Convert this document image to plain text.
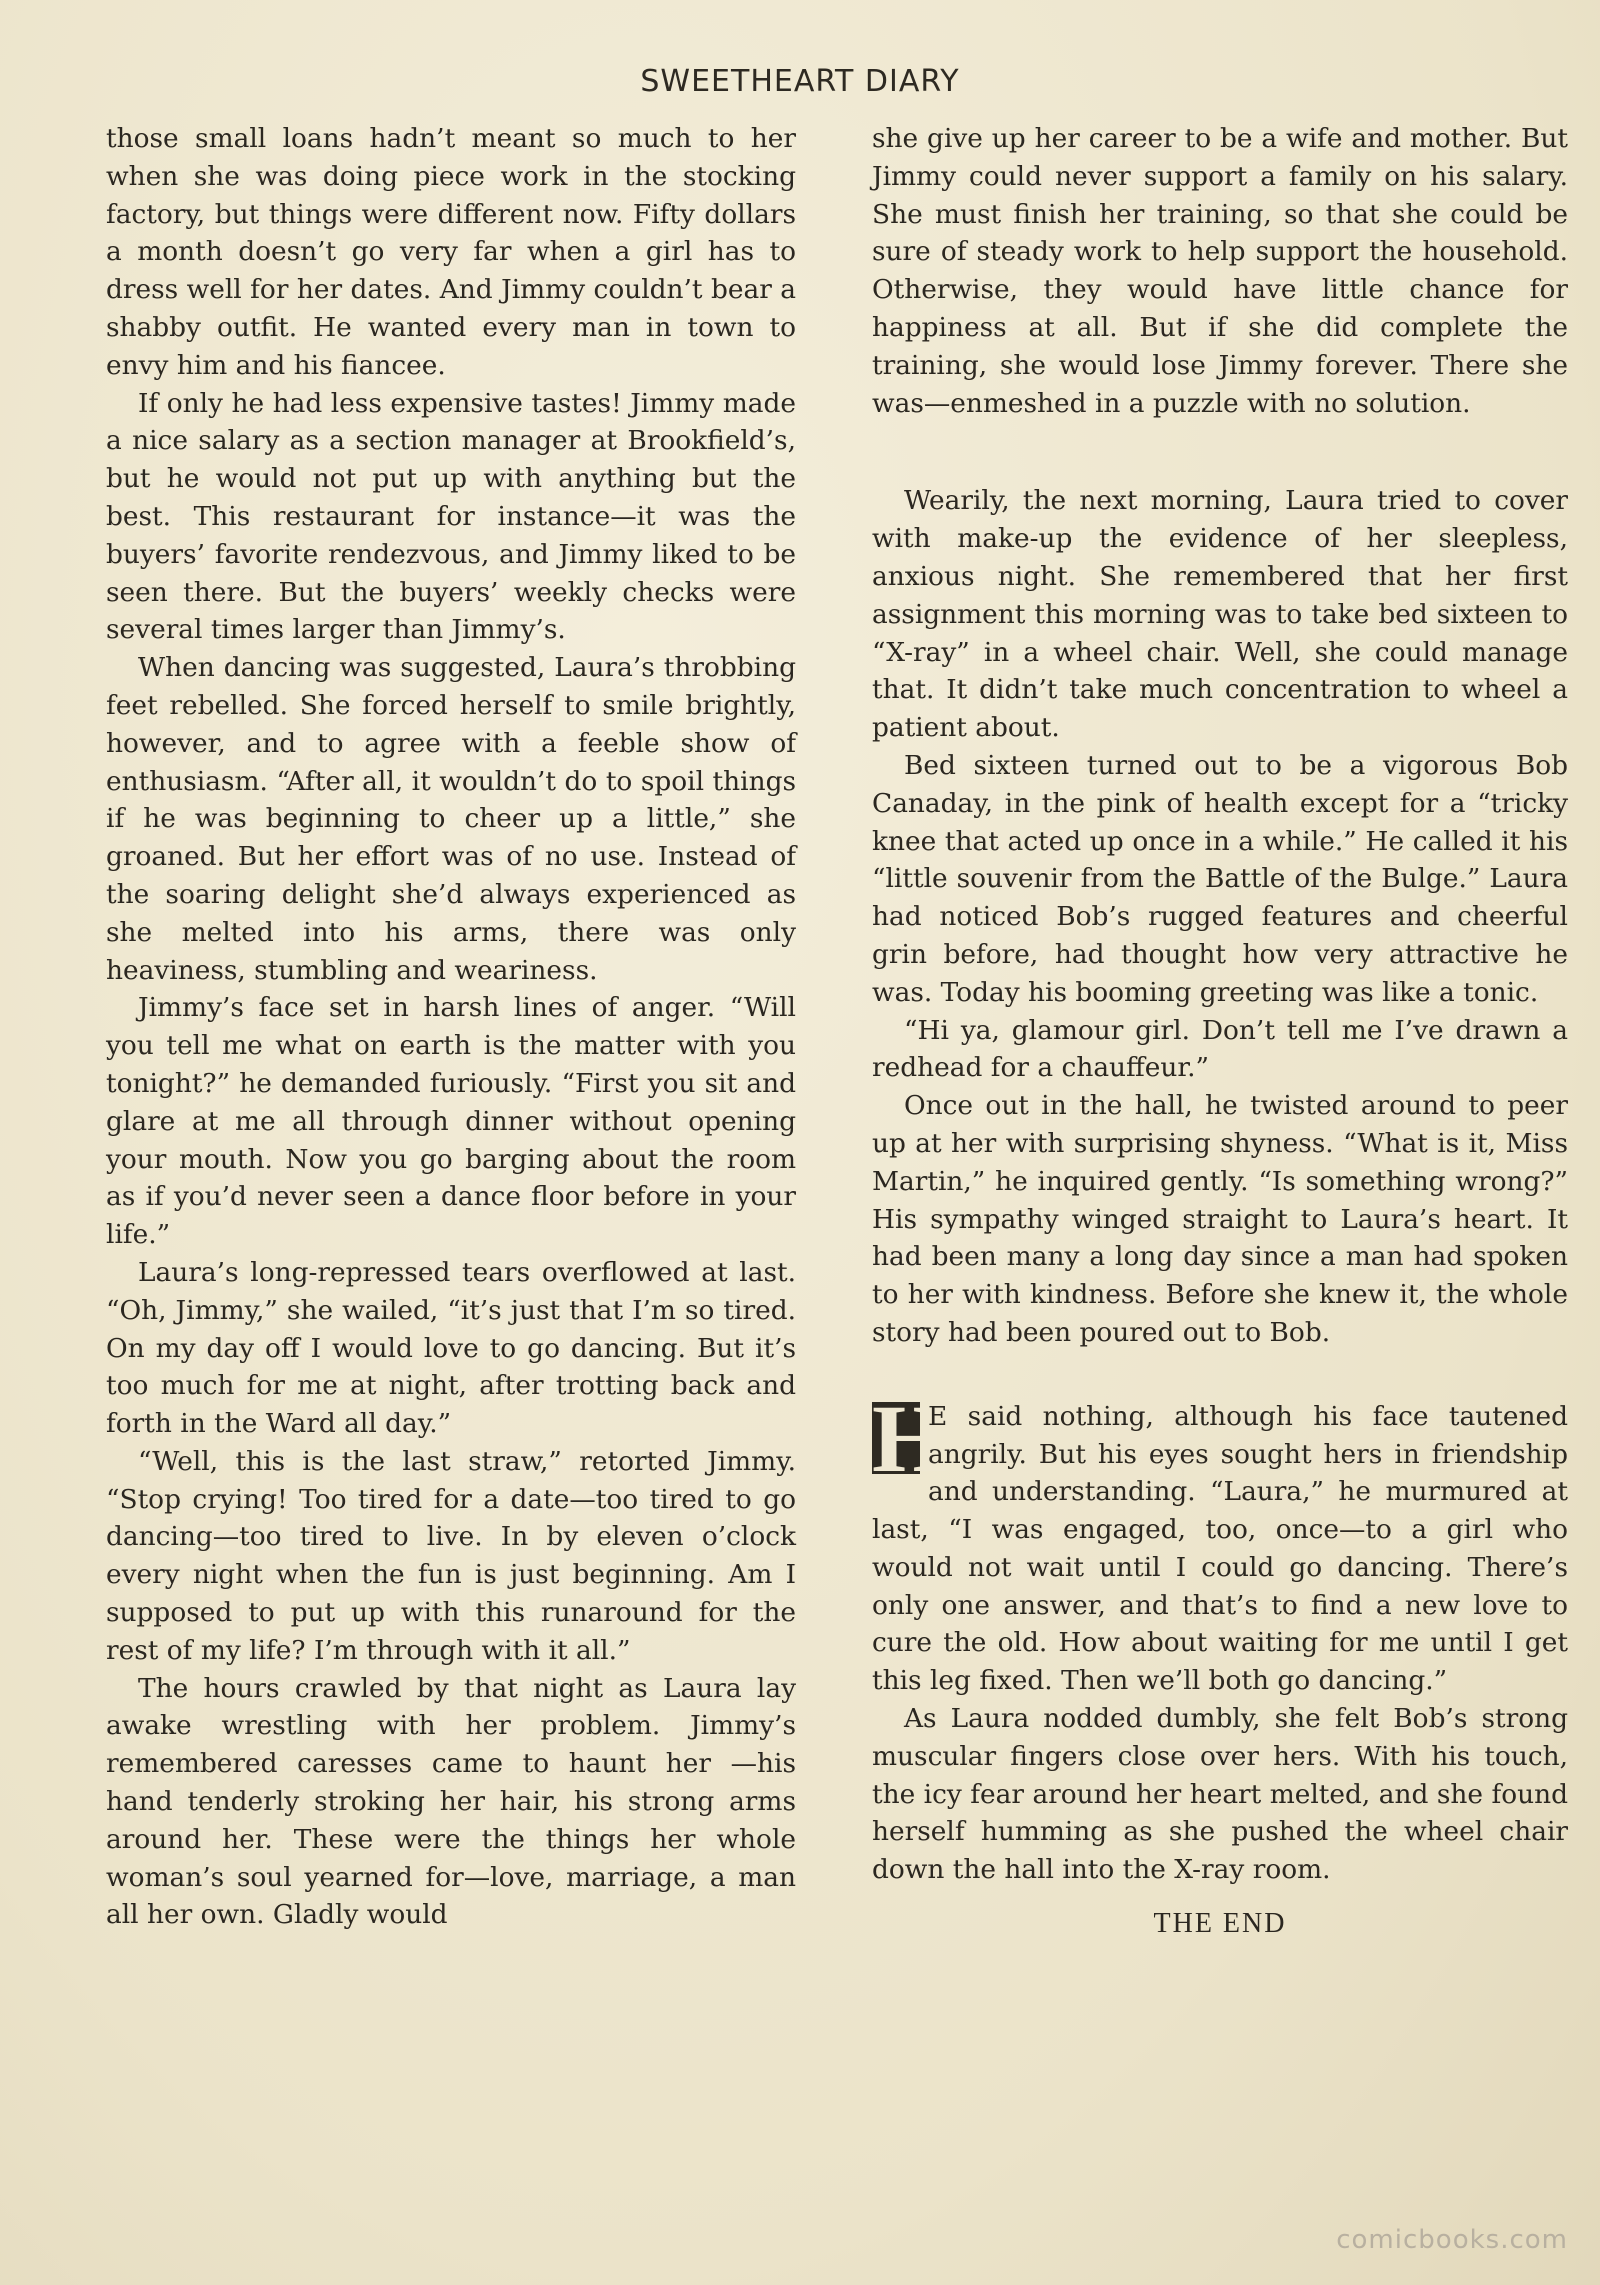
SWEETHEART DIARY

those small loans hadn’t meant so much to her when she was doing piece work in the stocking factory, but things were different now. Fifty dollars a month doesn’t go very far when a girl has to dress well for her dates. And Jimmy couldn’t bear a shabby outfit. He wanted every man in town to envy him and his fiancee.

If only he had less expensive tastes! Jimmy made a nice salary as a section manager at Brookfield’s, but he would not put up with anything but the best. This restaurant for instance—it was the buyers’ favorite rendezvous, and Jimmy liked to be seen there. But the buyers’ weekly checks were several times larger than Jimmy’s.

When dancing was suggested, Laura’s throbbing feet rebelled. She forced herself to smile brightly, however, and to agree with a feeble show of enthusiasm. “After all, it wouldn’t do to spoil things if he was beginning to cheer up a little,” she groaned. But her effort was of no use. Instead of the soaring delight she’d always experienced as she melted into his arms, there was only heaviness, stumbling and weariness.

Jimmy’s face set in harsh lines of anger. “Will you tell me what on earth is the matter with you tonight?” he demanded furiously. “First you sit and glare at me all through dinner without opening your mouth. Now you go barging about the room as if you’d never seen a dance floor before in your life.”

Laura’s long-repressed tears overflowed at last. “Oh, Jimmy,” she wailed, “it’s just that I’m so tired. On my day off I would love to go dancing. But it’s too much for me at night, after trotting back and forth in the Ward all day.”

“Well, this is the last straw,” retorted Jimmy. “Stop crying! Too tired for a date—too tired to go dancing—too tired to live. In by eleven o’clock every night when the fun is just beginning. Am I supposed to put up with this runaround for the rest of my life? I’m through with it all.”

The hours crawled by that night as Laura lay awake wrestling with her problem. Jimmy’s remembered caresses came to haunt her —his hand tenderly stroking her hair, his strong arms around her. These were the things her whole woman’s soul yearned for—love, marriage, a man all her own. Gladly would

she give up her career to be a wife and mother. But Jimmy could never support a family on his salary. She must finish her training, so that she could be sure of steady work to help support the household. Otherwise, they would have little chance for happiness at all. But if she did complete the training, she would lose Jimmy forever. There she was—enmeshed in a puzzle with no solution.

Wearily, the next morning, Laura tried to cover with make-up the evidence of her sleepless, anxious night. She remembered that her first assignment this morning was to take bed sixteen to “X-ray” in a wheel chair. Well, she could manage that. It didn’t take much concentration to wheel a patient about.

Bed sixteen turned out to be a vigorous Bob Canaday, in the pink of health except for a “tricky knee that acted up once in a while.” He called it his “little souvenir from the Battle of the Bulge.” Laura had noticed Bob’s rugged features and cheerful grin before, had thought how very attractive he was. Today his booming greeting was like a tonic.

“Hi ya, glamour girl. Don’t tell me I’ve drawn a redhead for a chauffeur.”

Once out in the hall, he twisted around to peer up at her with surprising shyness. “What is it, Miss Martin,” he inquired gently. “Is something wrong?” His sympathy winged straight to Laura’s heart. It had been many a long day since a man had spoken to her with kindness. Before she knew it, the whole story had been poured out to Bob.

H
E said nothing, although his face tautened angrily. But his eyes sought hers in friendship and understanding. “Laura,” he murmured at last, “I was engaged, too, once—to a girl who would not wait until I could go dancing. There’s only one answer, and that’s to find a new love to cure the old. How about waiting for me until I get this leg fixed. Then we’ll both go dancing.”

As Laura nodded dumbly, she felt Bob’s strong muscular fingers close over hers. With his touch, the icy fear around her heart melted, and she found herself humming as she pushed the wheel chair down the hall into the X-ray room.

THE END
comicbooks.com
